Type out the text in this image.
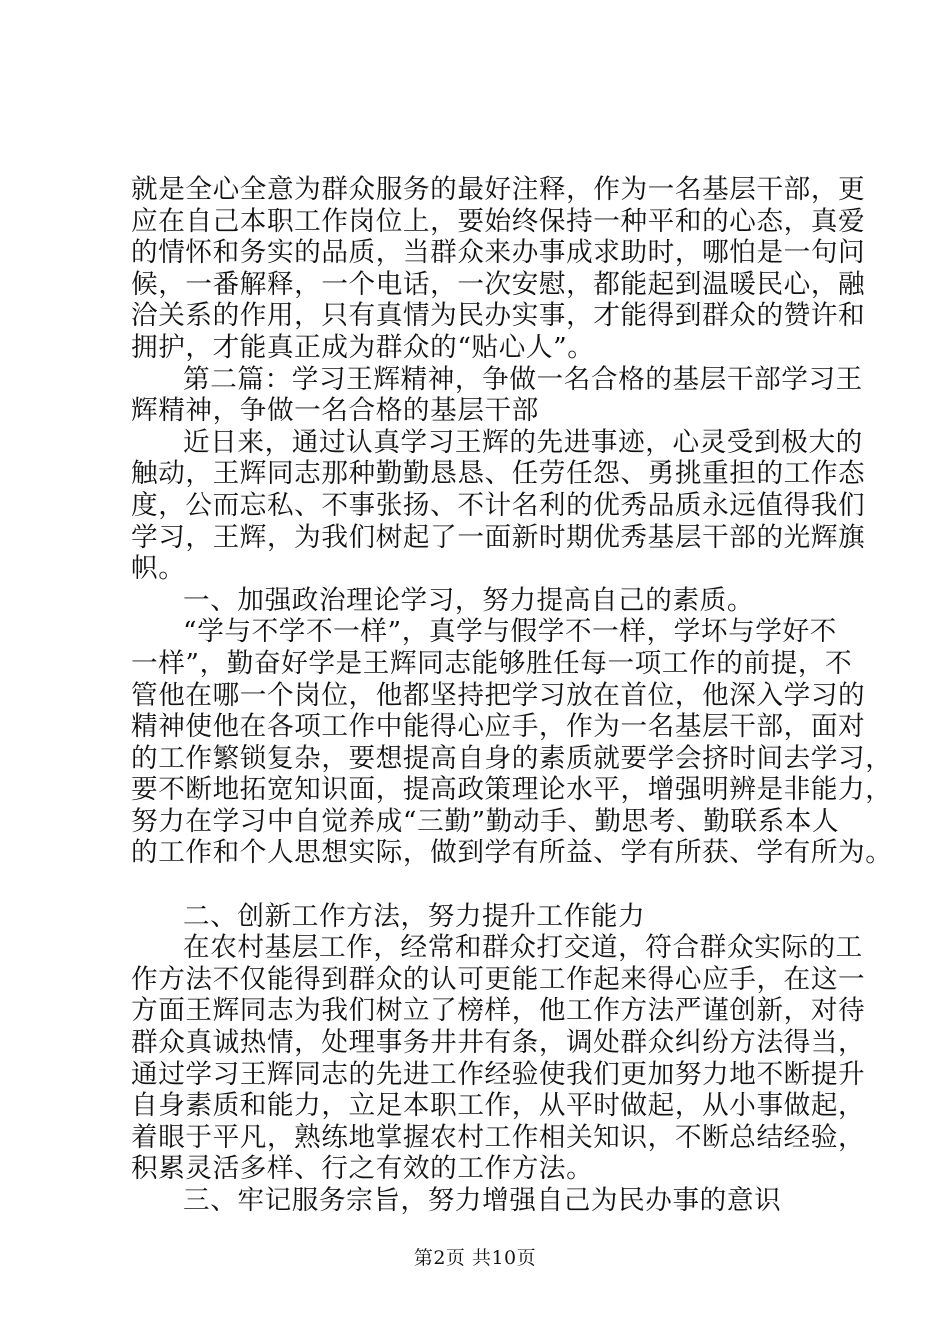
就是全心全意为群众服务的最好注释，作为一名基层干部，更
应在自己本职工作岗位上，要始终保持一种平和的心态，真爱
的情怀和务实的品质，当群众来办事成求助时，哪怕是一句问
候，一番解释，一个电话，一次安慰，都能起到温暖民心，融
洽关系的作用，只有真情为民办实事，才能得到群众的赞许和
拥护，才能真正成为群众的“贴心人”。
第二篇：学习王辉精神，争做一名合格的基层干部学习王
辉精神，争做一名合格的基层干部
近日来，通过认真学习王辉的先进事迹，心灵受到极大的
触动，王辉同志那种勤勤恳恳、任劳任怨、勇挑重担的工作态
度，公而忘私、不事张扬、不计名利的优秀品质永远值得我们
学习，王辉，为我们树起了一面新时期优秀基层干部的光辉旗
帜。
一、加强政治理论学习，努力提高自己的素质。
“学与不学不一样”，真学与假学不一样，学坏与学好不
一样”，勤奋好学是王辉同志能够胜任每一项工作的前提，不
管他在哪一个岗位，他都坚持把学习放在首位，他深入学习的
精神使他在各项工作中能得心应手，作为一名基层干部，面对
的工作繁锁复杂，要想提高自身的素质就要学会挤时间去学习，
要不断地拓宽知识面，提高政策理论水平，增强明辨是非能力，
努力在学习中自觉养成“三勤”勤动手、勤思考、勤联系本人
的工作和个人思想实际，做到学有所益、学有所获、学有所为。
二、创新工作方法，努力提升工作能力
在农村基层工作，经常和群众打交道，符合群众实际的工
作方法不仅能得到群众的认可更能工作起来得心应手，在这一
方面王辉同志为我们树立了榜样，他工作方法严谨创新，对待
群众真诚热情，处理事务井井有条，调处群众纠纷方法得当，
通过学习王辉同志的先进工作经验使我们更加努力地不断提升
自身素质和能力，立足本职工作，从平时做起，从小事做起，
着眼于平凡，熟练地掌握农村工作相关知识，不断总结经验，
积累灵活多样、行之有效的工作方法。
三、牢记服务宗旨，努力增强自己为民办事的意识
第2页 共10页
